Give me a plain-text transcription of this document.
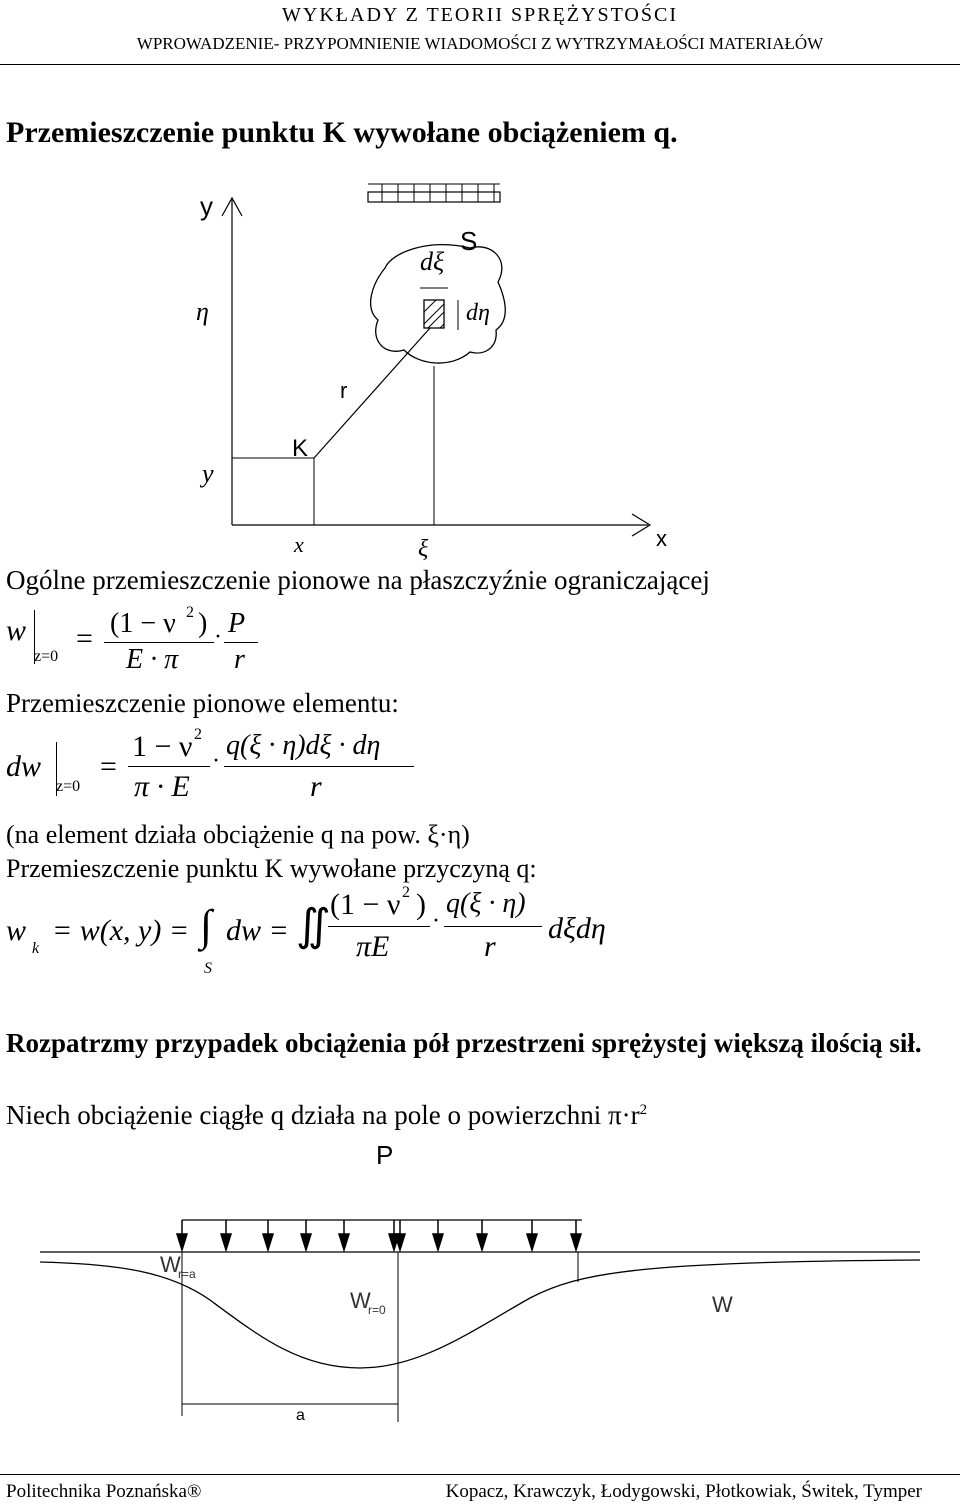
WYKŁADY Z TEORII SPRĘŻYSTOŚCI
WPROWADZENIE- PRZYPOMNIENIE WIADOMOŚCI Z WYTRZYMAŁOŚCI MATERIAŁÓW
Przemieszczenie punktu K wywołane obciążeniem q.
x
y
S
dξ
dη
η
r
K
y
x	ξ
Ogólne przemieszczenie pionowe na płaszczyźnie ograniczającej
w
z=0
= (1 − ν 2 )
E · π
· P
r
Przemieszczenie pionowe elementu:
dw
z=0
=
1 − ν 2
π · E
· q(ξ · η)dξ · dη
r
(na element działa obciążenie q na pow. ξ·η)
Przemieszczenie punktu K wywołane przyczyną q:
w
k
= w(x, y) = ∫
S
dw = ∬ (1 − ν 2 )
πE
·
q(ξ · η)
r
dξdη
Rozpatrzmy przypadek obciążenia pół przestrzeni sprężystej większą ilością sił.
Niech obciążenie ciągłe q działa na pole o powierzchni $\pi\cdot r^2$
P
a
W
r=a
W
r=0	W
Politechnika Poznańska®	Kopacz, Krawczyk, Łodygowski, Płotkowiak, Świtek, Tymper
